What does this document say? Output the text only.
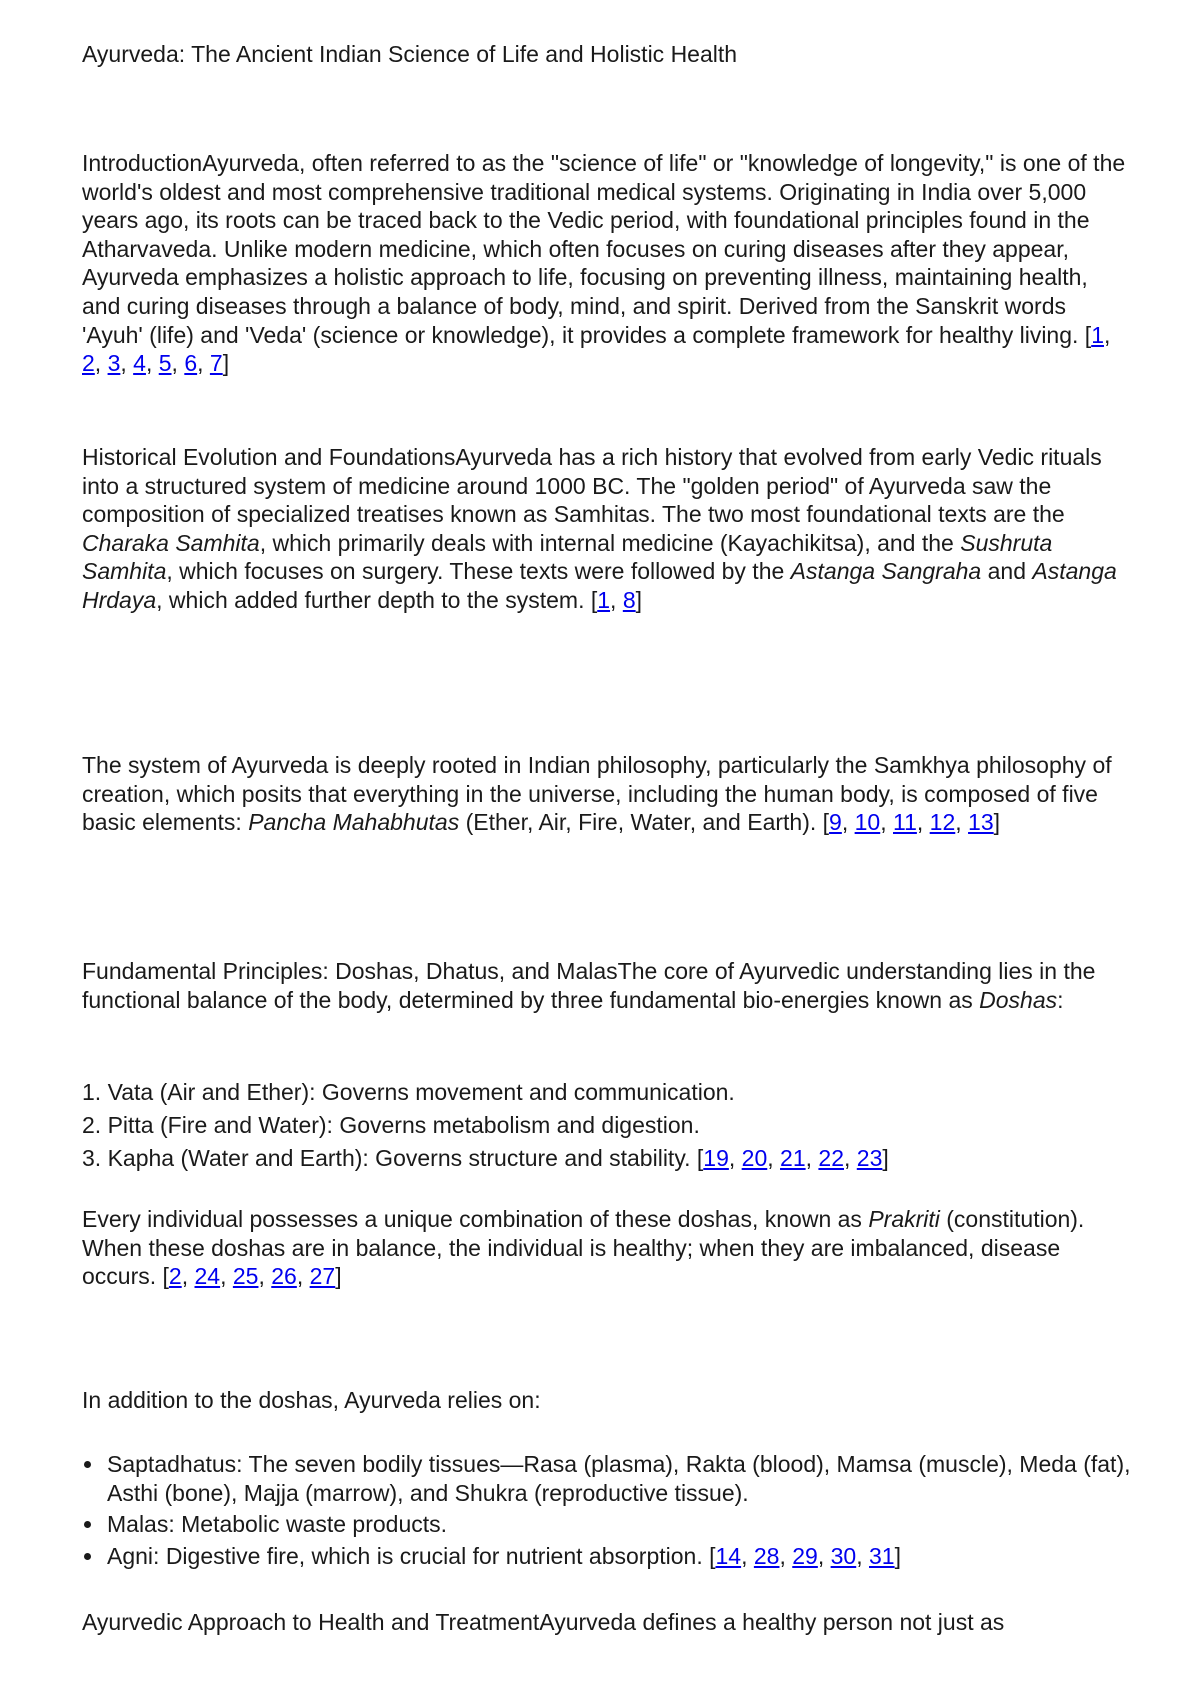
Ayurveda: The Ancient Indian Science of Life and Holistic Health

IntroductionAyurveda, often referred to as the "science of life" or "knowledge of longevity," is one of the world's oldest and most comprehensive traditional medical systems. Originating in India over 5,000 years ago, its roots can be traced back to the Vedic period, with foundational principles found in the Atharvaveda. Unlike modern medicine, which often focuses on curing diseases after they appear, Ayurveda emphasizes a holistic approach to life, focusing on preventing illness, maintaining health, and curing diseases through a balance of body, mind, and spirit. Derived from the Sanskrit words 'Ayuh' (life) and 'Veda' (science or knowledge), it provides a complete framework for healthy living. [1, 2, 3, 4, 5, 6, 7]

Historical Evolution and FoundationsAyurveda has a rich history that evolved from early Vedic rituals into a structured system of medicine around 1000 BC. The "golden period" of Ayurveda saw the composition of specialized treatises known as Samhitas. The two most foundational texts are the Charaka Samhita, which primarily deals with internal medicine (Kayachikitsa), and the Sushruta Samhita, which focuses on surgery. These texts were followed by the Astanga Sangraha and Astanga Hrdaya, which added further depth to the system. [1, 8]

The system of Ayurveda is deeply rooted in Indian philosophy, particularly the Samkhya philosophy of creation, which posits that everything in the universe, including the human body, is composed of five basic elements: Pancha Mahabhutas (Ether, Air, Fire, Water, and Earth). [9, 10, 11, 12, 13]

Fundamental Principles: Doshas, Dhatus, and MalasThe core of Ayurvedic understanding lies in the functional balance of the body, determined by three fundamental bio-energies known as Doshas:

1. Vata (Air and Ether): Governs movement and communication.
2. Pitta (Fire and Water): Governs metabolism and digestion.
3. Kapha (Water and Earth): Governs structure and stability. [19, 20, 21, 22, 23]

Every individual possesses a unique combination of these doshas, known as Prakriti (constitution). When these doshas are in balance, the individual is healthy; when they are imbalanced, disease occurs. [2, 24, 25, 26, 27]

In addition to the doshas, Ayurveda relies on:

Saptadhatus: The seven bodily tissues—Rasa (plasma), Rakta (blood), Mamsa (muscle), Meda (fat), Asthi (bone), Majja (marrow), and Shukra (reproductive tissue).
Malas: Metabolic waste products.
Agni: Digestive fire, which is crucial for nutrient absorption. [14, 28, 29, 30, 31]

Ayurvedic Approach to Health and TreatmentAyurveda defines a healthy person not just as
